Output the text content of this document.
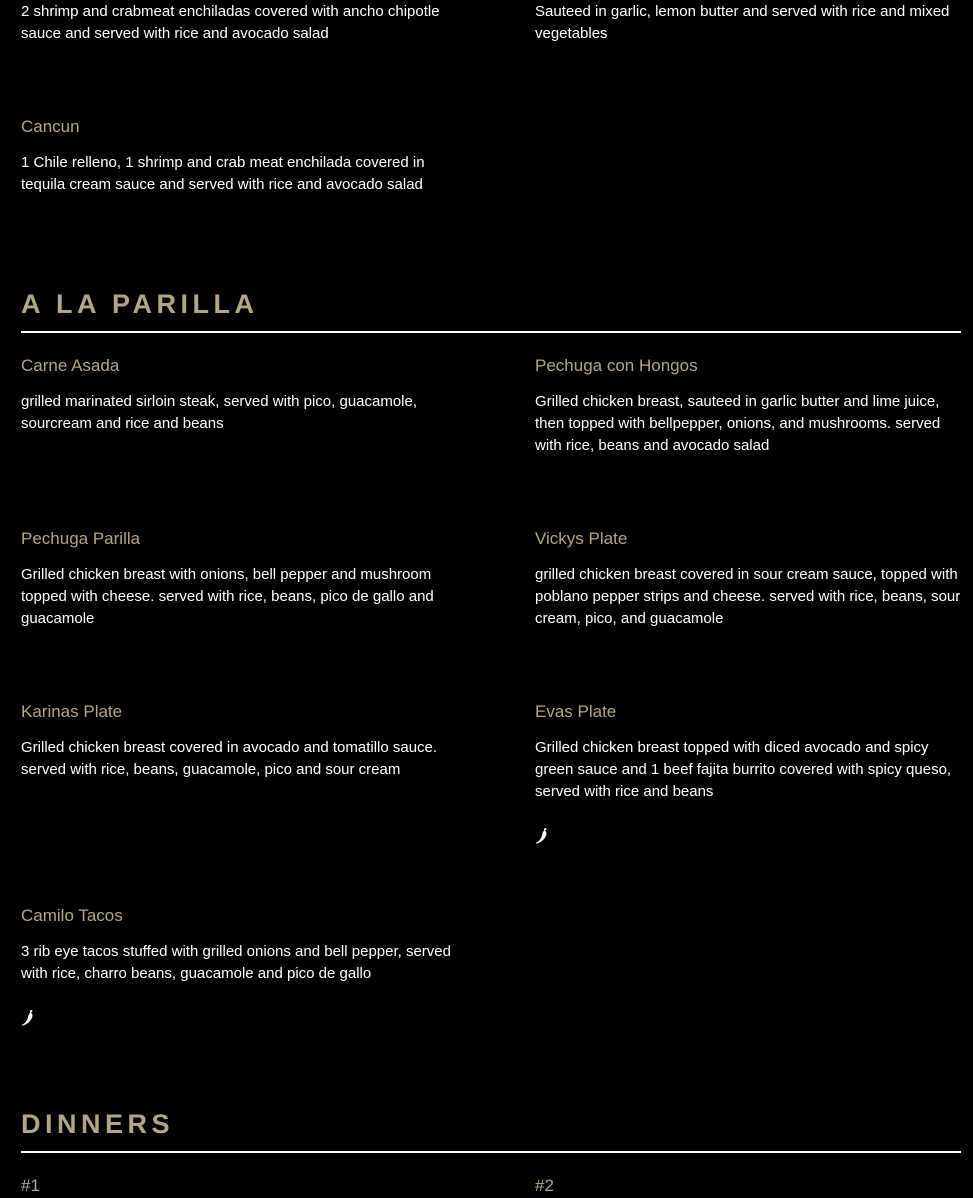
2 shrimp and crabmeat enchiladas covered with ancho chipotle sauce and served with rice and avocado salad

Sauteed in garlic, lemon butter and served with rice and mixed vegetables

Cancun

1 Chile relleno, 1 shrimp and crab meat enchilada covered in tequila cream sauce and served with rice and avocado salad

A LA PARILLA

Carne Asada

grilled marinated sirloin steak, served with pico, guacamole, sourcream and rice and beans

Pechuga con Hongos

Grilled chicken breast, sauteed in garlic butter and lime juice, then topped with bellpepper, onions, and mushrooms. served with rice, beans and avocado salad

Pechuga Parilla

Grilled chicken breast with onions, bell pepper and mushroom topped with cheese. served with rice, beans, pico de gallo and guacamole

Vickys Plate

grilled chicken breast covered in sour cream sauce, topped with poblano pepper strips and cheese. served with rice, beans, sour cream, pico, and guacamole

Karinas Plate

Grilled chicken breast covered in avocado and tomatillo sauce. served with rice, beans, guacamole, pico and sour cream

Evas Plate

Grilled chicken breast topped with diced avocado and spicy green sauce and 1 beef fajita burrito covered with spicy queso, served with rice and beans

Camilo Tacos

3 rib eye tacos stuffed with grilled onions and bell pepper, served with rice, charro beans, guacamole and pico de gallo

DINNERS

#1	#2
